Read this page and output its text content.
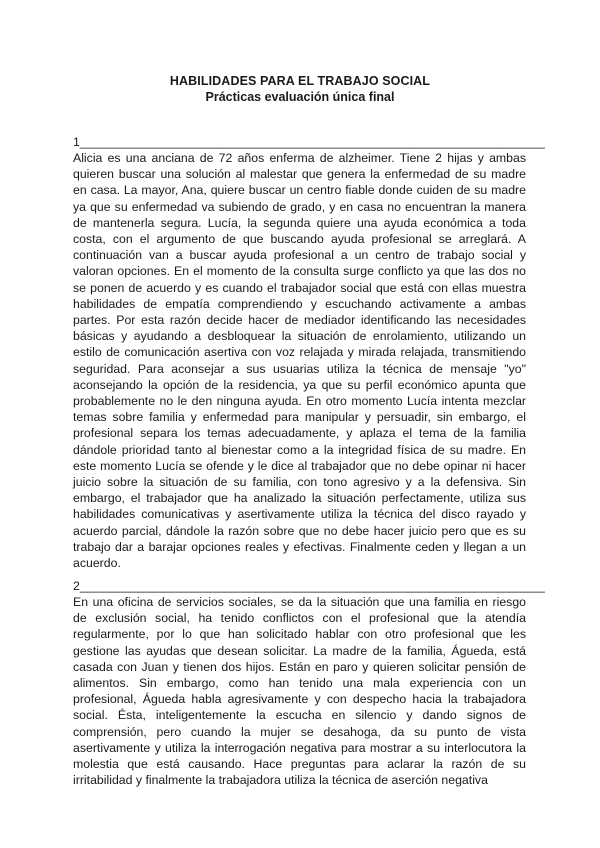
HABILIDADES PARA EL TRABAJO SOCIAL
Prácticas evaluación única final
1____________________________________________________________________
Alicia es una anciana de 72 años enferma de alzheimer. Tiene 2 hijas y ambas quieren buscar una solución al malestar que genera la enfermedad de su madre en casa. La mayor, Ana, quiere buscar un centro fiable donde cuiden de su madre ya que su enfermedad va subiendo de grado, y en casa no encuentran la manera de mantenerla segura. Lucía, la segunda quiere una ayuda económica a toda costa, con el argumento de que buscando ayuda profesional se arreglará. A continuación van a buscar ayuda profesional a un centro de trabajo social y valoran opciones. En el momento de la consulta surge conflicto ya que las dos no se ponen de acuerdo y es cuando el trabajador social que está con ellas muestra habilidades de empatía comprendiendo y escuchando activamente a ambas partes. Por esta razón decide hacer de mediador identificando las necesidades básicas y ayudando a desbloquear la situación de enrolamiento, utilizando un estilo de comunicación asertiva con voz relajada y mirada relajada, transmitiendo seguridad. Para aconsejar a sus usuarias utiliza la técnica de mensaje "yo" aconsejando la opción de la residencia, ya que su perfil económico apunta que probablemente no le den ninguna ayuda. En otro momento Lucía intenta mezclar temas sobre familia y enfermedad para manipular y persuadir, sin embargo, el profesional separa los temas adecuadamente, y aplaza el tema de la familia dándole prioridad tanto al bienestar como a la integridad física de su madre. En este momento Lucía se ofende y le dice al trabajador que no debe opinar ni hacer juicio sobre la situación de su familia, con tono agresivo y a la defensiva. Sin embargo, el trabajador que ha analizado la situación perfectamente, utiliza sus habilidades comunicativas y asertivamente utiliza la técnica del disco rayado y acuerdo parcial, dándole la razón sobre que no debe hacer juicio pero que es su trabajo dar a barajar opciones reales y efectivas. Finalmente ceden y llegan a un acuerdo.
2____________________________________________________________________
En una oficina de servicios sociales, se da la situación que una familia en riesgo de exclusión social, ha tenido conflictos con el profesional que la atendía regularmente, por lo que han solicitado hablar con otro profesional que les gestione las ayudas que desean solicitar. La madre de la familia, Águeda, está casada con Juan y tienen dos hijos. Están en paro y quieren solicitar pensión de alimentos. Sin embargo, como han tenido una mala experiencia con un profesional, Águeda habla agresivamente y con despecho hacia la trabajadora social. Ésta, inteligentemente la escucha en silencio y dando signos de comprensión, pero cuando la mujer se desahoga, da su punto de vista asertivamente y utiliza la interrogación negativa para mostrar a su interlocutora la molestia que está causando. Hace preguntas para aclarar la razón de su irritabilidad y finalmente la trabajadora utiliza la técnica de aserción negativa
